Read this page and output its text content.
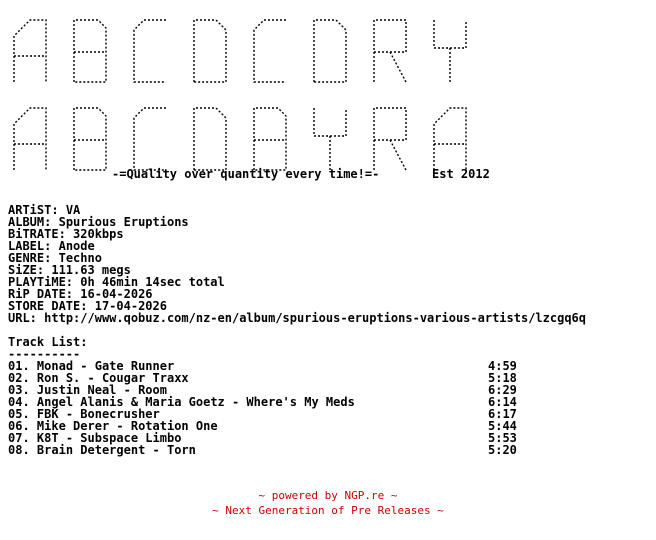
-=Quality over quantity every time!=-	Est 2012
ARTiST: VA
ALBUM: Spurious Eruptions
BiTRATE: 320kbps
LABEL: Anode
GENRE: Techno
SiZE: 111.63 megs
PLAYTiME: 0h 46min 14sec total
RiP DATE: 16-04-2026
STORE DATE: 17-04-2026
URL: http://www.qobuz.com/nz-en/album/spurious-eruptions-various-artists/lzcgq6q
Track List:
----------
01. Monad - Gate Runner	4:59
02. Ron S. - Cougar Traxx	5:18
03. Justin Neal - Room	6:29
04. Angel Alanis & Maria Goetz - Where's My Meds	6:14
05. FBK - Bonecrusher	6:17
06. Mike Derer - Rotation One	5:44
07. K8T - Subspace Limbo	5:53
08. Brain Detergent - Torn	5:20
~ powered by NGP.re ~
~ Next Generation of Pre Releases ~
